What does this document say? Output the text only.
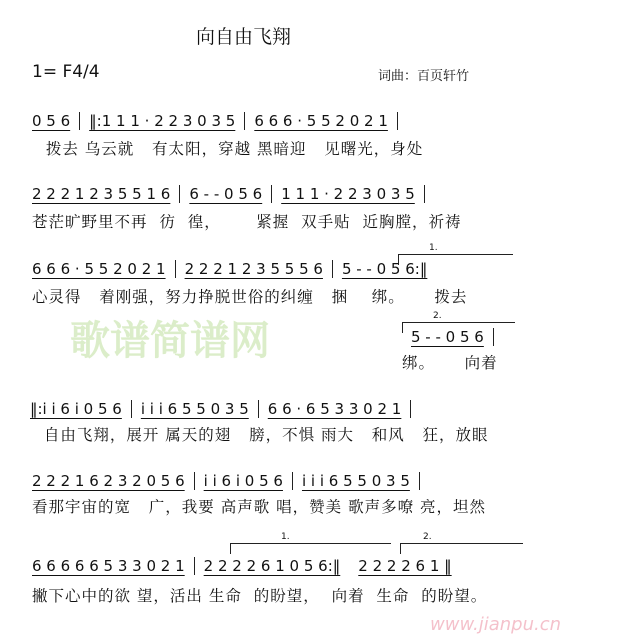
向自由飞翔
1= F4/4	词曲：百页轩竹
歌谱简谱网
www.jianpu.cn
0 5 6	‖:1 1 1 · 2 2 3 0 3 5	6 6 6 · 5 5 2 0 2 1
拨去 乌云就   有太阳，穿越 黑暗迎   见曙光，身处
2 2 2 1 2 3 5 5 1 6	6 - - 0 5 6	1 1 1 · 2 2 3 0 3 5
苍茫旷野里不再  彷  徨，      紧握  双手贴  近胸膛，祈祷
1.
6 6 6 · 5 5 2 0 2 1	2 2 2 1 2 3 5 5 5 6	5 - - 0 5 6:‖
心灵得   着刚强，努力挣脱世俗的纠缠   捆    绑。     拨去
2.
5 - - 0 5 6
绑。     向着
‖:i i 6 i 0 5 6	i i i 6 5 5 0 3 5	6 6 · 6 5 3 3 0 2 1
自由飞翔，展开 属天的翅   膀，不惧 雨大   和风   狂，放眼
2 2 2 1 6 2 3 2 0 5 6	i i 6 i 0 5 6	i i i 6 5 5 0 3 5
看那宇宙的宽   广，我要 高声歌 唱，赞美 歌声多嘹 亮，坦然
1.	2.
6 6 6 6 6 5 3 3 0 2 1	2 2 2 2 6 1 0 5 6:‖	2 2 2 2 6 1 ‖
撇下心中的欲 望，活出 生命  的盼望，  向着  生命  的盼望。
